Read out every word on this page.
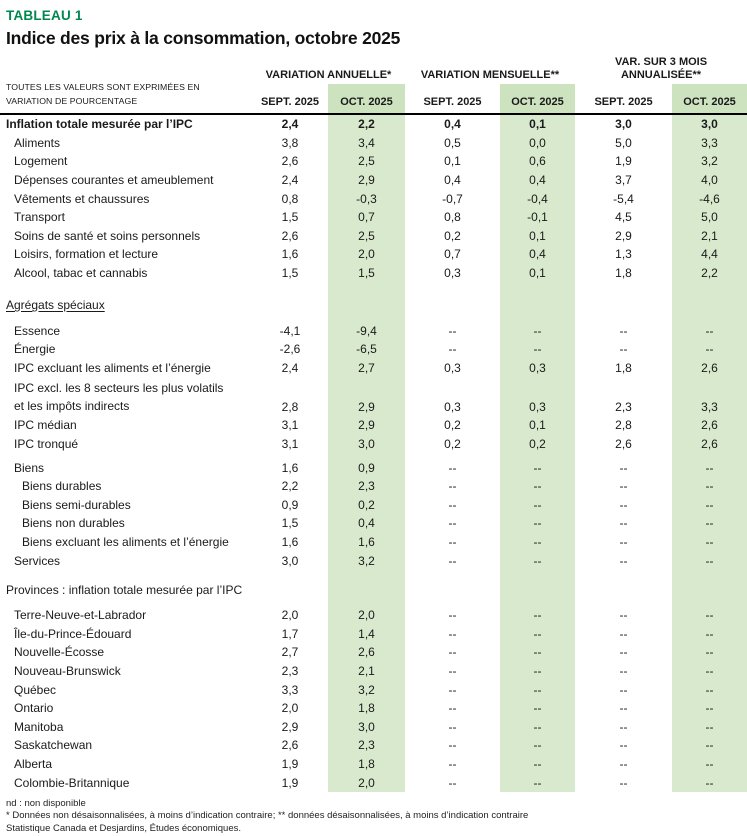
TABLEAU 1
Indice des prix à la consommation, octobre 2025
TOUTES LES VALEURS SONT EXPRIMÉES EN
VARIATION DE POURCENTAGE	VARIATION ANNUELLE*		VARIATION MENSUELLE**		VAR. SUR 3 MOIS ANNUALISÉE**	

	SEPT. 2025	OCT. 2025	SEPT. 2025	OCT. 2025	SEPT. 2025	OCT. 2025
Inflation totale mesurée par l’IPC	2,4	2,2	0,4	0,1	3,0	3,0
Aliments	3,8	3,4	0,5	0,0	5,0	3,3
Logement	2,6	2,5	0,1	0,6	1,9	3,2
Dépenses courantes et ameublement	2,4	2,9	0,4	0,4	3,7	4,0
Vêtements et chaussures	0,8	-0,3	-0,7	-0,4	-5,4	-4,6
Transport	1,5	0,7	0,8	-0,1	4,5	5,0
Soins de santé et soins personnels	2,6	2,5	0,2	0,1	2,9	2,1
Loisirs, formation et lecture	1,6	2,0	0,7	0,4	1,3	4,4
Alcool, tabac et cannabis	1,5	1,5	0,3	0,1	1,8	2,2

Agrégats spéciaux						

Essence	-4,1	-9,4	--	--	--	--
Énergie	-2,6	-6,5	--	--	--	--
IPC excluant les aliments et l’énergie	2,4	2,7	0,3	0,3	1,8	2,6

IPC excl. les 8 secteurs les plus volatils
et les impôts indirects	2,8	2,9	0,3	0,3	2,3	3,3
IPC médian	3,1	2,9	0,2	0,1	2,8	2,6
IPC tronqué	3,1	3,0	0,2	0,2	2,6	2,6

Biens	1,6	0,9	--	--	--	--
Biens durables	2,2	2,3	--	--	--	--
Biens semi-durables	0,9	0,2	--	--	--	--
Biens non durables	1,5	0,4	--	--	--	--
Biens excluant les aliments et l’énergie	1,6	1,6	--	--	--	--
Services	3,0	3,2	--	--	--	--

Provinces : inflation totale mesurée par l’IPC						

Terre-Neuve-et-Labrador	2,0	2,0	--	--	--	--
Île-du-Prince-Édouard	1,7	1,4	--	--	--	--
Nouvelle-Écosse	2,7	2,6	--	--	--	--
Nouveau-Brunswick	2,3	2,1	--	--	--	--
Québec	3,3	3,2	--	--	--	--
Ontario	2,0	1,8	--	--	--	--
Manitoba	2,9	3,0	--	--	--	--
Saskatchewan	2,6	2,3	--	--	--	--
Alberta	1,9	1,8	--	--	--	--
Colombie-Britannique	1,9	2,0	--	--	--	--
nd : non disponible
* Données non désaisonnalisées, à moins d’indication contraire; ** données désaisonnalisées, à moins d’indication contraire
Statistique Canada et Desjardins, Études économiques.
